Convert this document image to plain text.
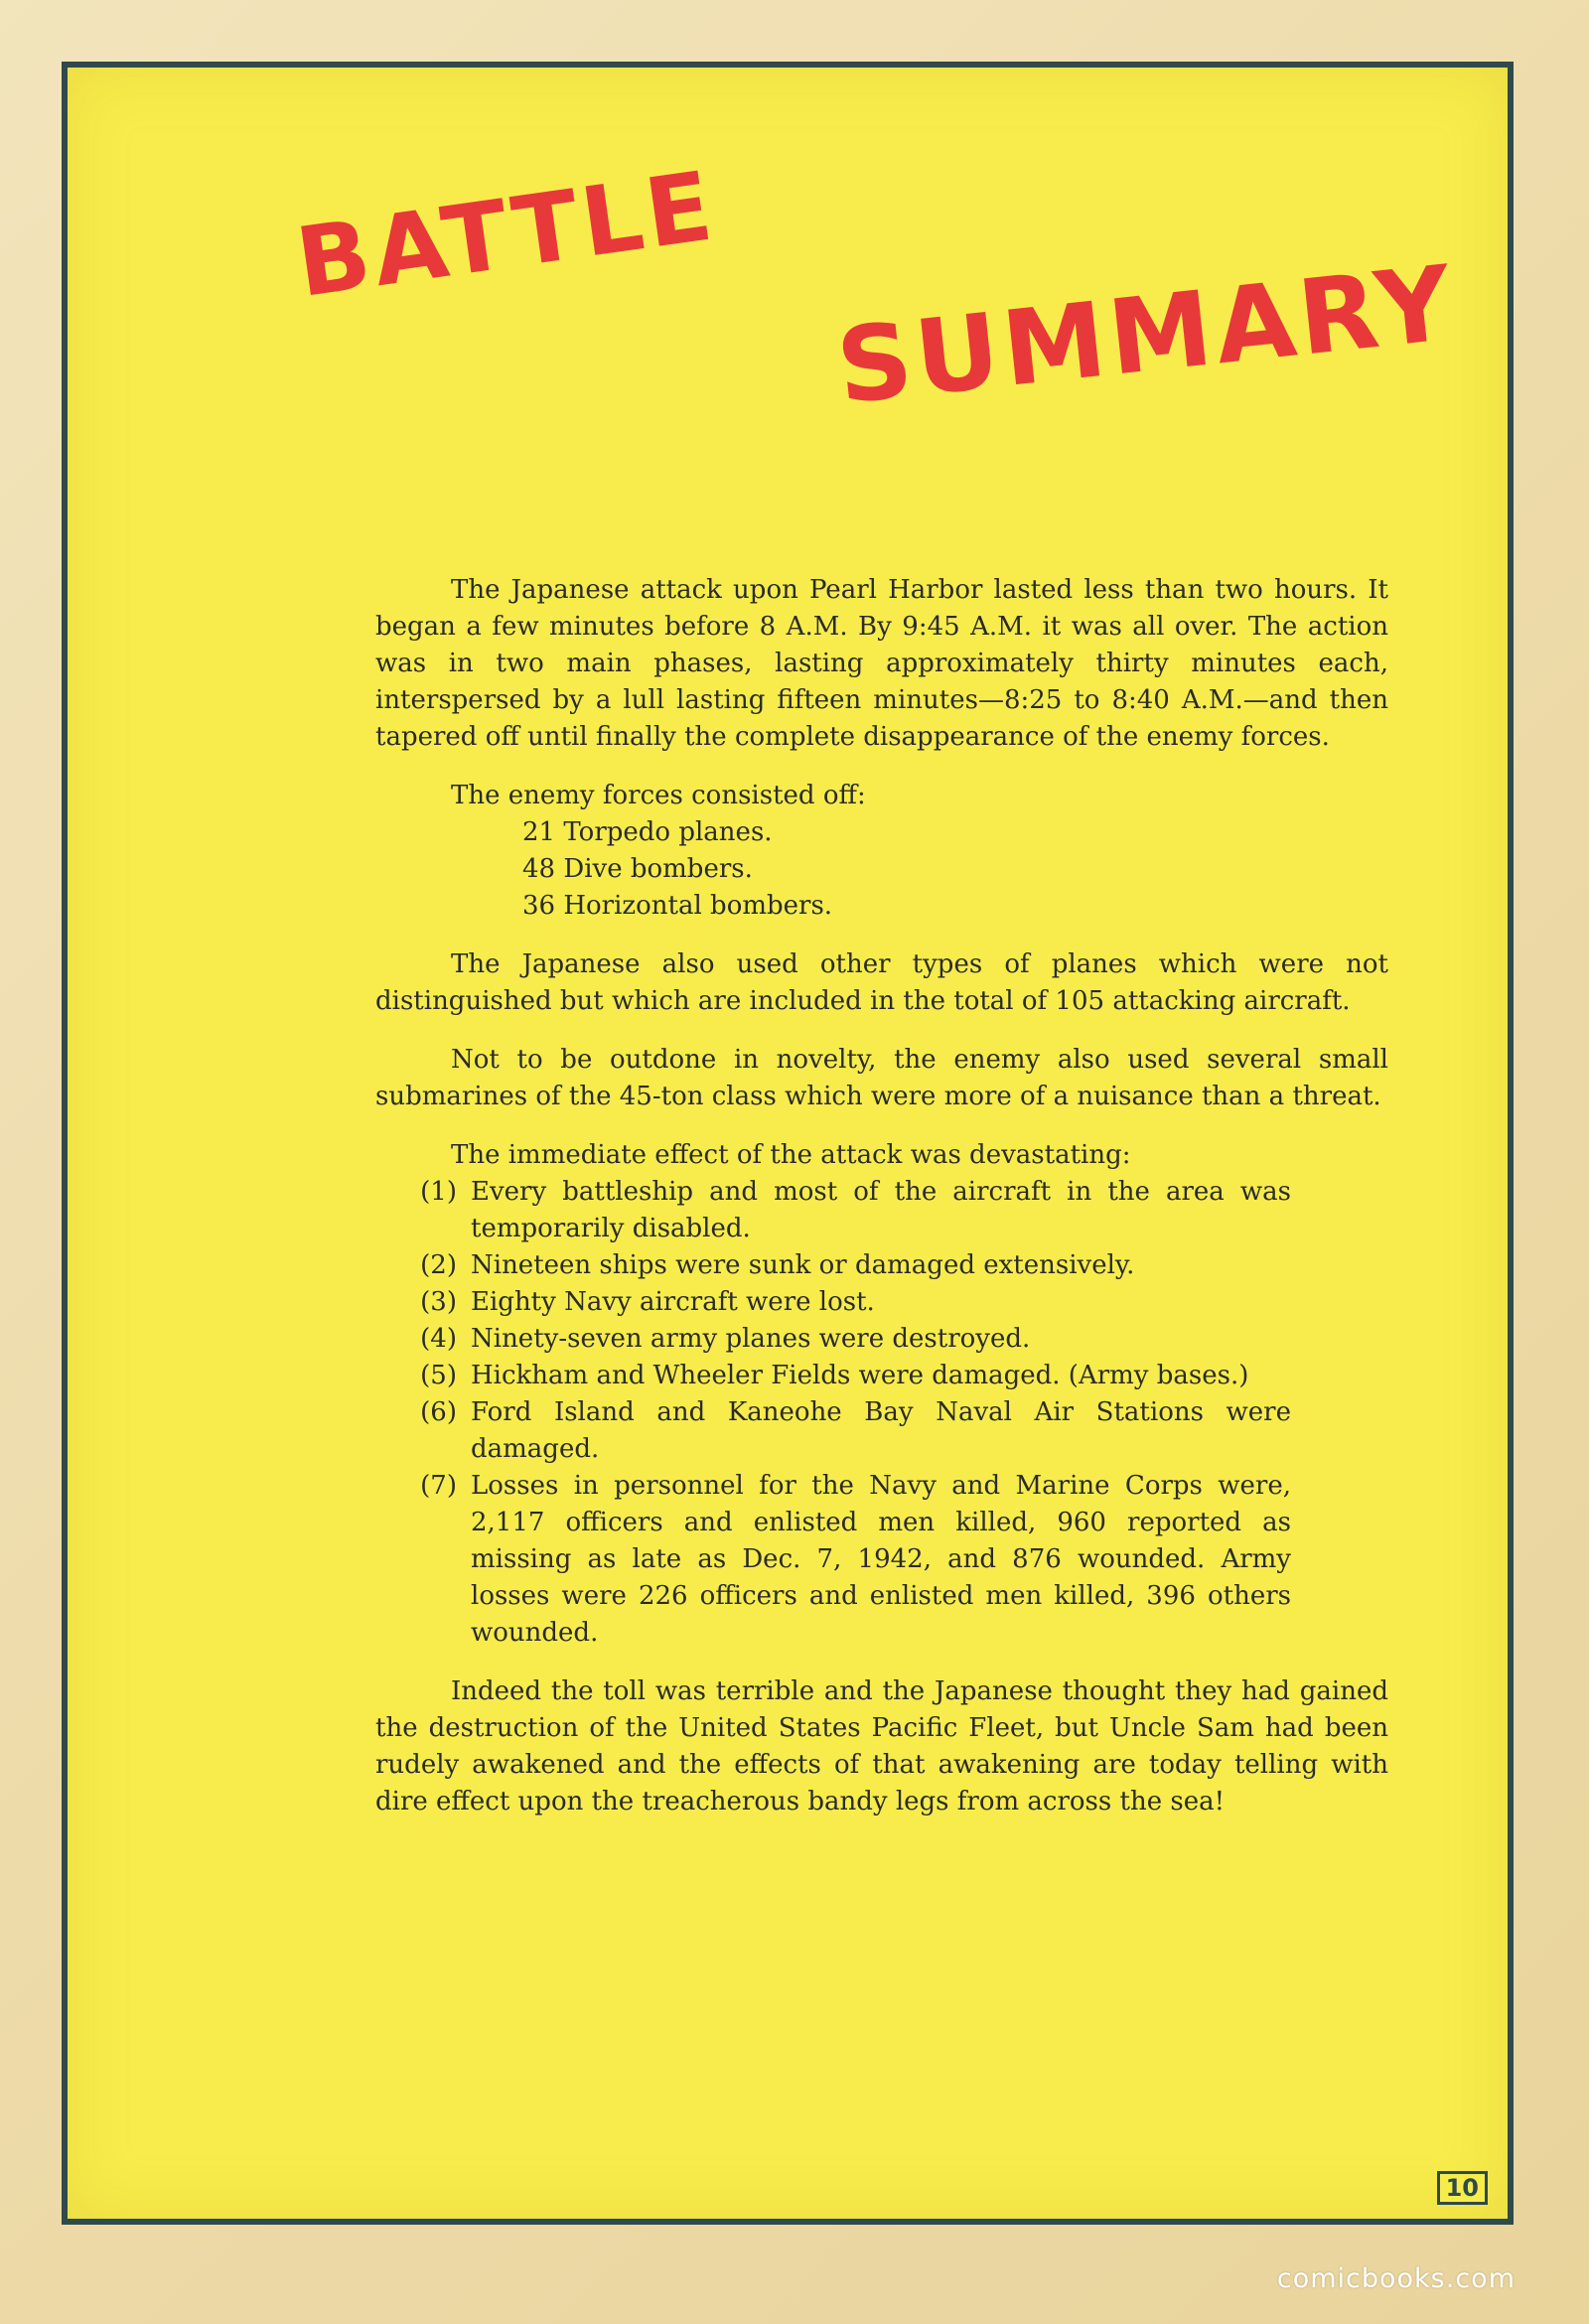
BATTLE
SUMMARY

The Japanese attack upon Pearl Harbor lasted less than two hours. It began a few minutes before 8 A.M. By 9:45 A.M. it was all over. The action was in two main phases, lasting approximately thirty minutes each, interspersed by a lull lasting fifteen minutes—8:25 to 8:40 A.M.—and then tapered off until finally the complete disappearance of the enemy forces.

The enemy forces consisted off:

21 Torpedo planes.
48 Dive bombers.
36 Horizontal bombers.

The Japanese also used other types of planes which were not distinguished but which are included in the total of 105 attacking aircraft.

Not to be outdone in novelty, the enemy also used several small submarines of the 45-ton class which were more of a nuisance than a threat.

The immediate effect of the attack was devastating:

(1) Every battleship and most of the aircraft in the area was temporarily disabled.
(2) Nineteen ships were sunk or damaged extensively.
(3) Eighty Navy aircraft were lost.
(4) Ninety-seven army planes were destroyed.
(5) Hickham and Wheeler Fields were damaged. (Army bases.)
(6) Ford Island and Kaneohe Bay Naval Air Stations were damaged.
(7) Losses in personnel for the Navy and Marine Corps were, 2,117 officers and enlisted men killed, 960 reported as missing as late as Dec. 7, 1942, and 876 wounded. Army losses were 226 officers and enlisted men killed, 396 others wounded.

Indeed the toll was terrible and the Japanese thought they had gained the destruction of the United States Pacific Fleet, but Uncle Sam had been rudely awakened and the effects of that awakening are today telling with dire effect upon the treacherous bandy legs from across the sea!

10
comicbooks.com
